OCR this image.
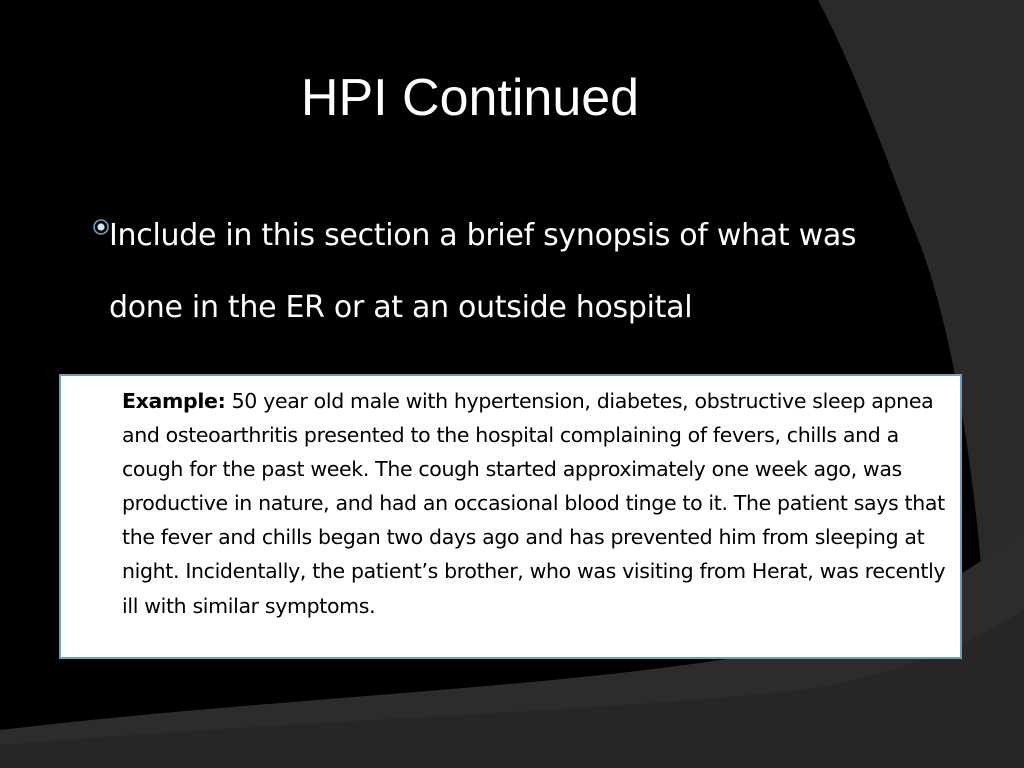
HPI Continued
Include in this section a brief synopsis of what was done in the ER or at an outside hospital
Example: 50 year old male with hypertension, diabetes, obstructive sleep apnea and osteoarthritis presented to the hospital complaining of fevers, chills and a cough for the past week. The cough started approximately one week ago, was productive in nature, and had an occasional blood tinge to it. The patient says that the fever and chills began two days ago and has prevented him from sleeping at night. Incidentally, the patient’s brother, who was visiting from Herat, was recently ill with similar symptoms.
